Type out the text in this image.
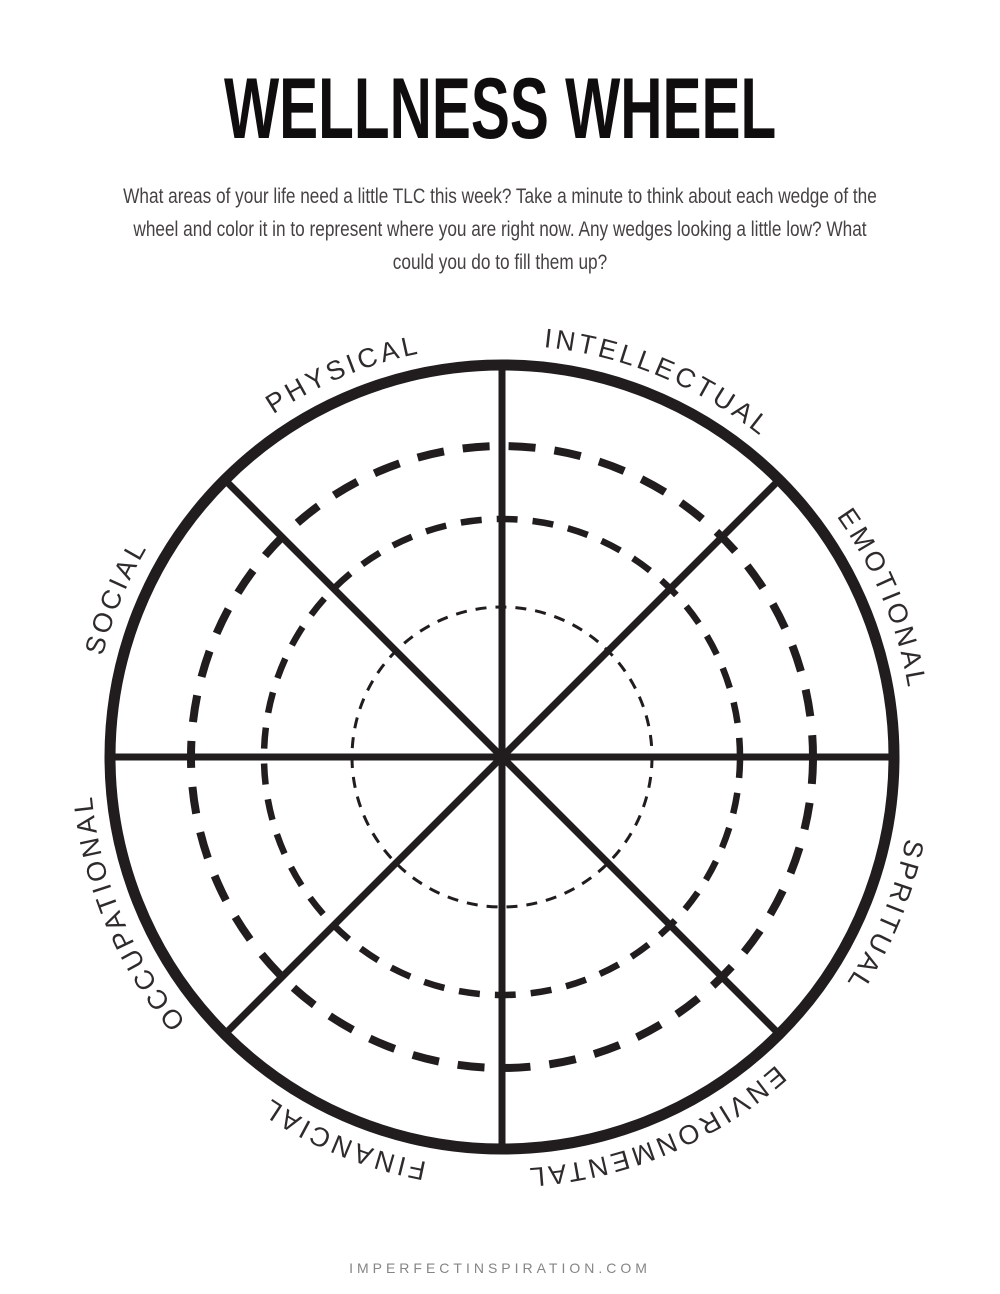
WELLNESS WHEEL
What areas of your life need a little TLC this week? Take a minute to think about each wedge of the
wheel and color it in to represent where you are right now. Any wedges looking a little low? What
could you do to fill them up?
INTELLECTUAL
EMOTIONAL
SPRITUAL
ENVIRONMENTAL
FINANCIAL
OCCUPATIONAL
SOCIAL
PHYSICAL
IMPERFECTINSPIRATION.COM
